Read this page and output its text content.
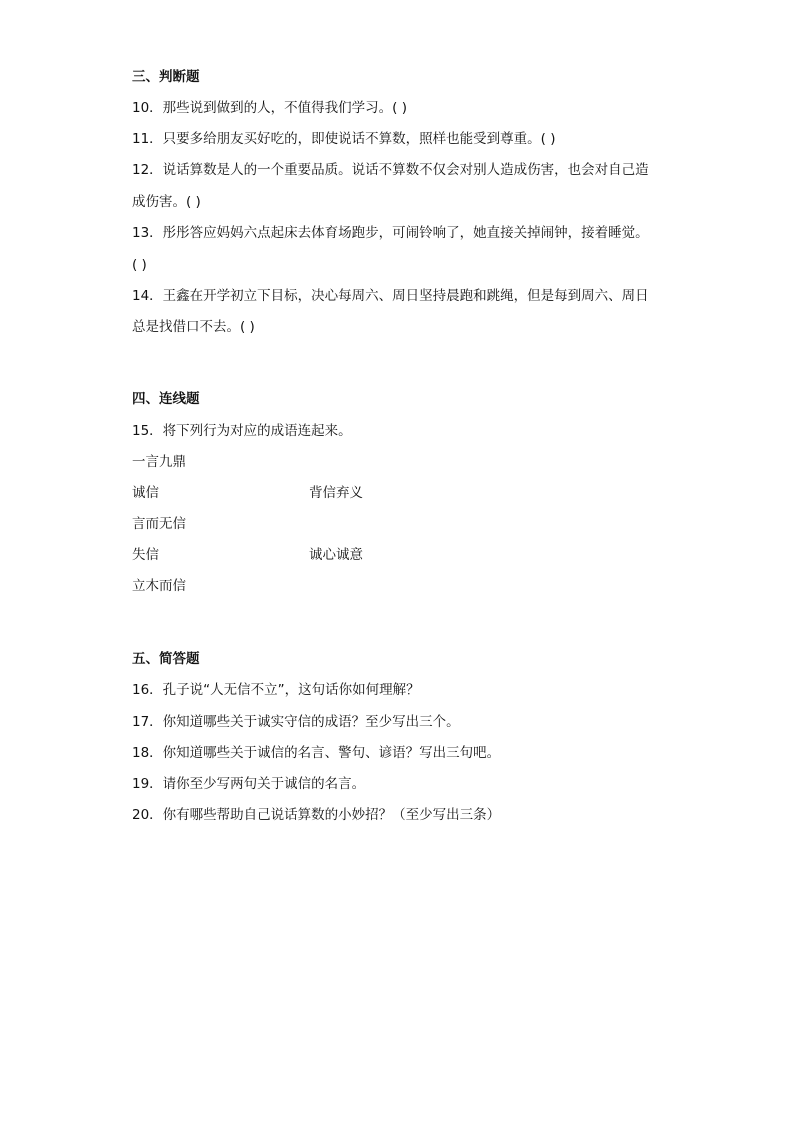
三、判断题
10．那些说到做到的人，不值得我们学习。( )
11．只要多给朋友买好吃的，即使说话不算数，照样也能受到尊重。( )
12．说话算数是人的一个重要品质。说话不算数不仅会对别人造成伤害，也会对自己造
成伤害。( )
13．彤彤答应妈妈六点起床去体育场跑步，可闹铃响了，她直接关掉闹钟，接着睡觉。
( )
14．王鑫在开学初立下目标，决心每周六、周日坚持晨跑和跳绳，但是每到周六、周日
总是找借口不去。( )
四、连线题
15．将下列行为对应的成语连起来。
一言九鼎
诚信	背信弃义
言而无信
失信	诚心诚意
立木而信
五、简答题
16．孔子说“人无信不立”，这句话你如何理解？
17．你知道哪些关于诚实守信的成语？至少写出三个。
18．你知道哪些关于诚信的名言、警句、谚语？写出三句吧。
19．请你至少写两句关于诚信的名言。
20．你有哪些帮助自己说话算数的小妙招？（至少写出三条）
